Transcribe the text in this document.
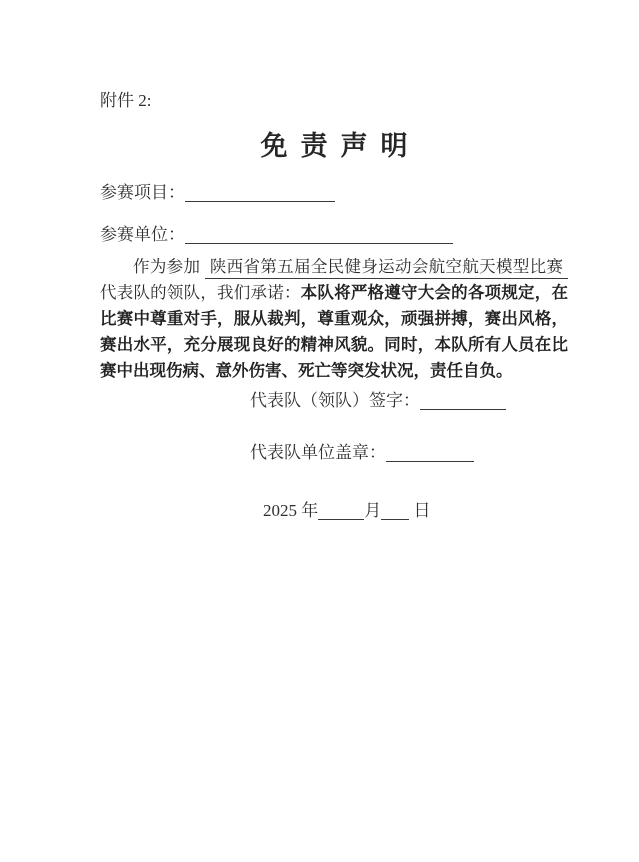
附件 2:
免责声明
参赛项目：
参赛单位：

作为参加 陕西省第五届全民健身运动会航空航天模型比赛 代表队的领队，我们承诺：本队将严格遵守大会的各项规定，在比赛中尊重对手，服从裁判，尊重观众，顽强拼搏，赛出风格，赛出水平，充分展现良好的精神风貌。同时，本队所有人员在比赛中出现伤病、意外伤害、死亡等突发状况，责任自负。

代表队（领队）签字：
代表队单位盖章：
2025 年	月 日
